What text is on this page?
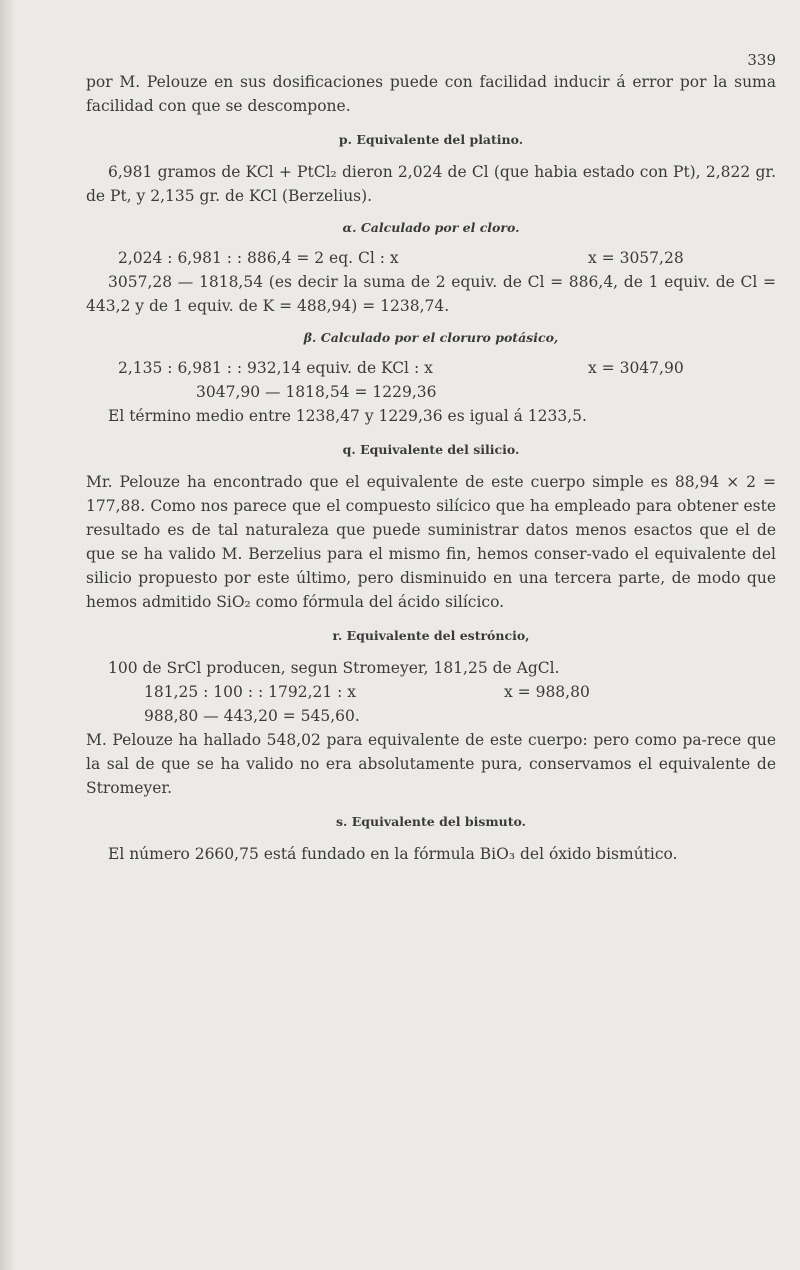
339

por M. Pelouze en sus dosificaciones puede con facilidad inducir á error por la suma facilidad con que se descompone.

p. Equivalente del platino.

6,981 gramos de KCl + PtCl₂ dieron 2,024 de Cl (que habia estado con Pt), 2,822 gr. de Pt, y 2,135 gr. de KCl (Berzelius).

α. Calculado por el cloro.
2,024 : 6,981 : : 886,4 = 2 eq. Cl : x	x = 3057,28

3057,28 — 1818,54 (es decir la suma de 2 equiv. de Cl = 886,4, de 1 equiv. de Cl = 443,2 y de 1 equiv. de K = 488,94) = 1238,74.

β. Calculado por el cloruro potásico,
2,135 : 6,981 : : 932,14 equiv. de KCl : x	x = 3047,90
3047,90 — 1818,54 = 1229,36

El término medio entre 1238,47 y 1229,36 es igual á 1233,5.

q. Equivalente del silicio.

Mr. Pelouze ha encontrado que el equivalente de este cuerpo simple es 88,94 × 2 = 177,88. Como nos parece que el compuesto silícico que ha empleado para obtener este resultado es de tal naturaleza que puede suministrar datos menos esactos que el de que se ha valido M. Berzelius para el mismo fin, hemos conser-vado el equivalente del silicio propuesto por este último, pero disminuido en una tercera parte, de modo que hemos admitido SiO₂ como fórmula del ácido silícico.

r. Equivalente del estróncio,

100 de SrCl producen, segun Stromeyer, 181,25 de AgCl.

181,25 : 100 : : 1792,21 : x	x = 988,80
988,80 — 443,20 = 545,60.

M. Pelouze ha hallado 548,02 para equivalente de este cuerpo: pero como pa-rece que la sal de que se ha valido no era absolutamente pura, conservamos el equivalente de Stromeyer.

s. Equivalente del bismuto.

El número 2660,75 está fundado en la fórmula BiO₃ del óxido bismútico.
